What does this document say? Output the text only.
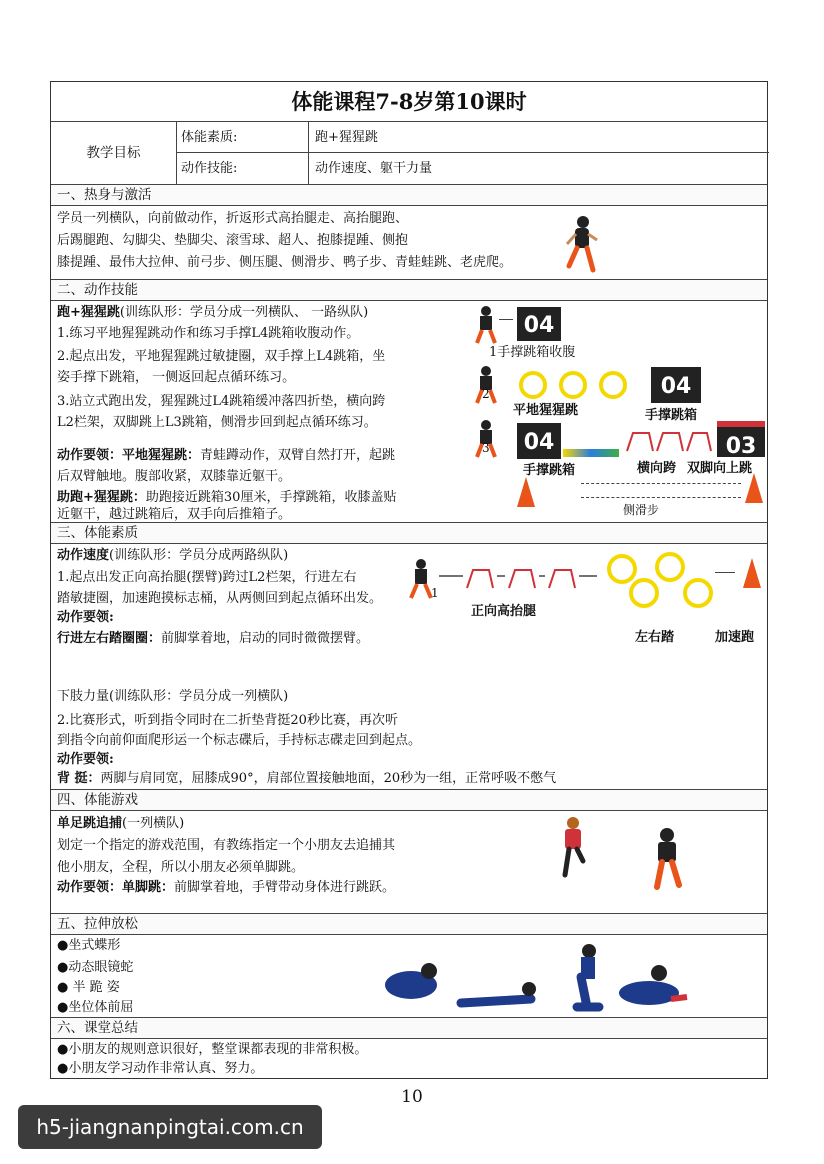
体能课程7-8岁第10课时
教学目标
体能素质:	跑+猩猩跳
动作技能:	动作速度、躯干力量
一、热身与激活
学员一列横队，向前做动作，折返形式高抬腿走、高抬腿跑、
后踢腿跑、勾脚尖、垫脚尖、滚雪球、超人、抱膝提踵、侧抱
膝提踵、最伟大拉伸、前弓步、侧压腿、侧滑步、鸭子步、青蛙蛙跳、老虎爬。
二、动作技能
跑+猩猩跳(训练队形：学员分成一列横队、 一路纵队)
1.练习平地猩猩跳动作和练习手撑L4跳箱收腹动作。
2.起点出发，平地猩猩跳过敏捷圈，双手撑上L4跳箱，坐
姿手撑下跳箱， 一侧返回起点循环练习。
3.站立式跑出发，猩猩跳过L4跳箱缓冲落四折垫，横向跨
L2栏架，双脚跳上L3跳箱，侧滑步回到起点循环练习。
动作要领：平地猩猩跳：青蛙蹲动作，双臂自然打开，起跳
后双臂触地。腹部收紧，双膝靠近躯干。
助跑+猩猩跳：助跑接近跳箱30厘米，手撑跳箱，收膝盖贴
近躯干，越过跳箱后，双手向后推箱子。
04
1手撑跳箱收腹
2
平地猩猩跳
04
手撑跳箱
3	04	03
手撑跳箱	横向跨 双脚向上跳
侧滑步
三、体能素质
动作速度(训练队形：学员分成两路纵队)
1.起点出发正向高抬腿(摆臂)跨过L2栏架，行进左右
踏敏捷圈，加速跑摸标志桶，从两侧回到起点循环出发。
动作要领:
行进左右踏圈圈：前脚掌着地，启动的同时微微摆臂。
下肢力量(训练队形：学员分成一列横队)
2.比赛形式，听到指令同时在二折垫背挺20秒比赛，再次听
到指令向前仰面爬形运一个标志碟后，手持标志碟走回到起点。
动作要领:
背 挺：两脚与肩同宽，屈膝成90°，肩部位置接触地面，20秒为一组，正常呼吸不憋气
1
正向高抬腿
左右踏	加速跑
四、体能游戏
单足跳追捕(一列横队)
划定一个指定的游戏范围，有教练指定一个小朋友去追捕其
他小朋友，全程，所以小朋友必须单脚跳。
动作要领：单脚跳：前脚掌着地，手臂带动身体进行跳跃。
五、拉伸放松
●坐式蝶形
●动态眼镜蛇
● 半 跪 姿
●坐位体前屈
六、课堂总结
●小朋友的规则意识很好，整堂课都表现的非常积极。
●小朋友学习动作非常认真、努力。
10
h5-jiangnanpingtai.com.cn
